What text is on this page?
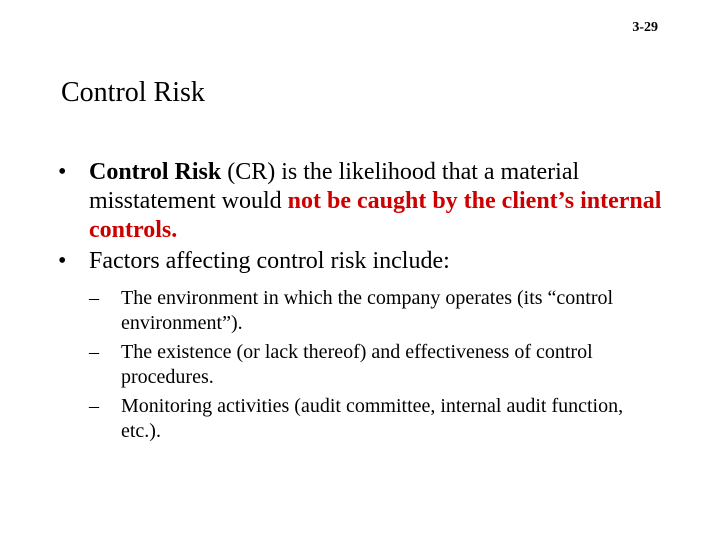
3-29
Control Risk
• Control Risk (CR) is the likelihood that a material misstatement would not be caught by the client’s internal controls.
• Factors affecting control risk include:
– The environment in which the company operates (its “control environment”).
– The existence (or lack thereof) and effectiveness of control procedures.
– Monitoring activities (audit committee, internal audit function, etc.).
